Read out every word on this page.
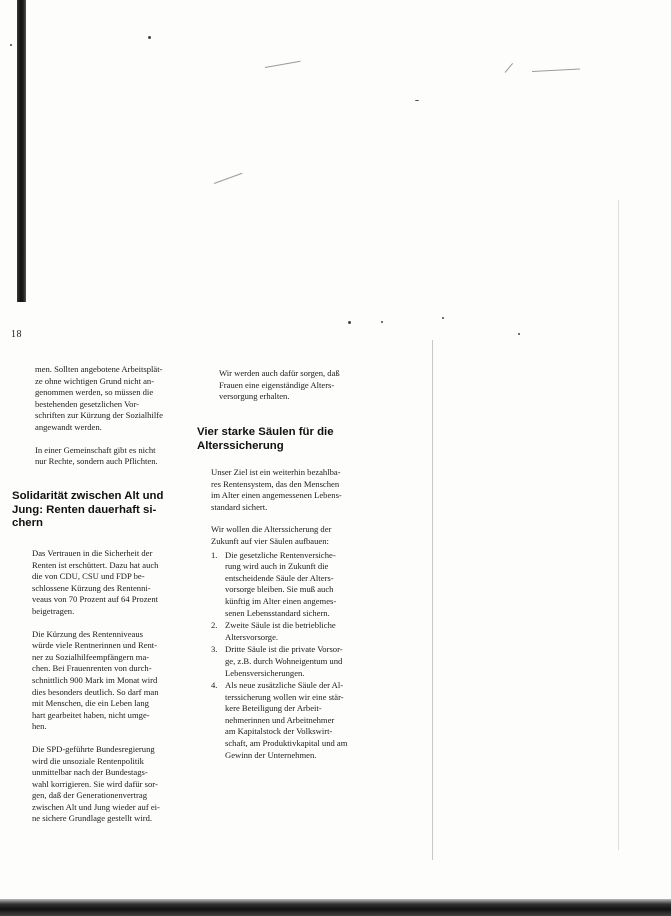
18

men. Sollten angebotene Arbeitsplät-
ze ohne wichtigen Grund nicht an-
genommen werden, so müssen die
bestehenden gesetzlichen Vor-
schriften zur Kürzung der Sozialhilfe
angewandt werden.

In einer Gemeinschaft gibt es nicht
nur Rechte, sondern auch Pflichten.

Solidarität zwischen Alt und
Jung: Renten dauerhaft si-
chern

Das Vertrauen in die Sicherheit der
Renten ist erschüttert. Dazu hat auch
die von CDU, CSU und FDP be-
schlossene Kürzung des Rentenni-
veaus von 70 Prozent auf 64 Prozent
beigetragen.

Die Kürzung des Rentenniveaus
würde viele Rentnerinnen und Rent-
ner zu Sozialhilfeempfängern ma-
chen. Bei Frauenrenten von durch-
schnittlich 900 Mark im Monat wird
dies besonders deutlich. So darf man
mit Menschen, die ein Leben lang
hart gearbeitet haben, nicht umge-
hen.

Die SPD-geführte Bundesregierung
wird die unsoziale Rentenpolitik
unmittelbar nach der Bundestags-
wahl korrigieren. Sie wird dafür sor-
gen, daß der Generationenvertrag
zwischen Alt und Jung wieder auf ei-
ne sichere Grundlage gestellt wird.

Wir werden auch dafür sorgen, daß
Frauen eine eigenständige Alters-
versorgung erhalten.

Vier starke Säulen für die
Alterssicherung

Unser Ziel ist ein weiterhin bezahlba-
res Rentensystem, das den Menschen
im Alter einen angemessenen Lebens-
standard sichert.

Wir wollen die Alterssicherung der
Zukunft auf vier Säulen aufbauen:

1. Die gesetzliche Rentenversiche-
rung wird auch in Zukunft die
entscheidende Säule der Alters-
vorsorge bleiben. Sie muß auch
künftig im Alter einen angemes-
senen Lebensstandard sichern.
2. Zweite Säule ist die betriebliche
Altersvorsorge.
3. Dritte Säule ist die private Vorsor-
ge, z.B. durch Wohneigentum und
Lebensversicherungen.
4. Als neue zusätzliche Säule der Al-
terssicherung wollen wir eine stär-
kere Beteiligung der Arbeit-
nehmerinnen und Arbeitnehmer
am Kapitalstock der Volkswirt-
schaft, am Produktivkapital und am
Gewinn der Unternehmen.
